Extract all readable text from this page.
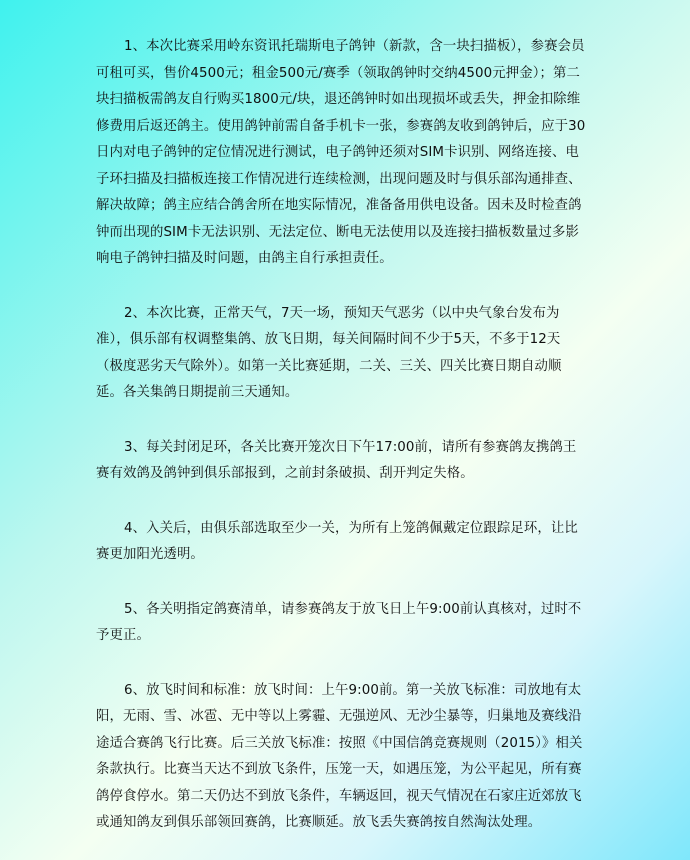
1、本次比赛采用岭东资讯托瑞斯电子鸽钟（新款，含一块扫描板），参赛会员可租可买，售价4500元；租金500元/赛季（领取鸽钟时交纳4500元押金）；第二块扫描板需鸽友自行购买1800元/块，退还鸽钟时如出现损坏或丢失，押金扣除维修费用后返还鸽主。使用鸽钟前需自备手机卡一张，参赛鸽友收到鸽钟后，应于30日内对电子鸽钟的定位情况进行测试，电子鸽钟还须对SIM卡识别、网络连接、电子环扫描及扫描板连接工作情况进行连续检测，出现问题及时与俱乐部沟通排查、解决故障；鸽主应结合鸽舍所在地实际情况，准备备用供电设备。因未及时检查鸽钟而出现的SIM卡无法识别、无法定位、断电无法使用以及连接扫描板数量过多影响电子鸽钟扫描及时问题，由鸽主自行承担责任。

2、本次比赛，正常天气，7天一场，预知天气恶劣（以中央气象台发布为准），俱乐部有权调整集鸽、放飞日期，每关间隔时间不少于5天，不多于12天（极度恶劣天气除外）。如第一关比赛延期，二关、三关、四关比赛日期自动顺延。各关集鸽日期提前三天通知。

3、每关封闭足环，各关比赛开笼次日下午17:00前，请所有参赛鸽友携鸽王赛有效鸽及鸽钟到俱乐部报到，之前封条破损、刮开判定失格。

4、入关后，由俱乐部选取至少一关，为所有上笼鸽佩戴定位跟踪足环，让比赛更加阳光透明。

5、各关明指定鸽赛清单，请参赛鸽友于放飞日上午9:00前认真核对，过时不予更正。

6、放飞时间和标准：放飞时间：上午9:00前。第一关放飞标准：司放地有太阳，无雨、雪、冰雹、无中等以上雾霾、无强逆风、无沙尘暴等，归巢地及赛线沿途适合赛鸽飞行比赛。后三关放飞标准：按照《中国信鸽竞赛规则（2015）》相关条款执行。比赛当天达不到放飞条件，压笼一天，如遇压笼，为公平起见，所有赛鸽停食停水。第二天仍达不到放飞条件，车辆返回，视天气情况在石家庄近郊放飞或通知鸽友到俱乐部领回赛鸽，比赛顺延。放飞丢失赛鸽按自然淘汰处理。
